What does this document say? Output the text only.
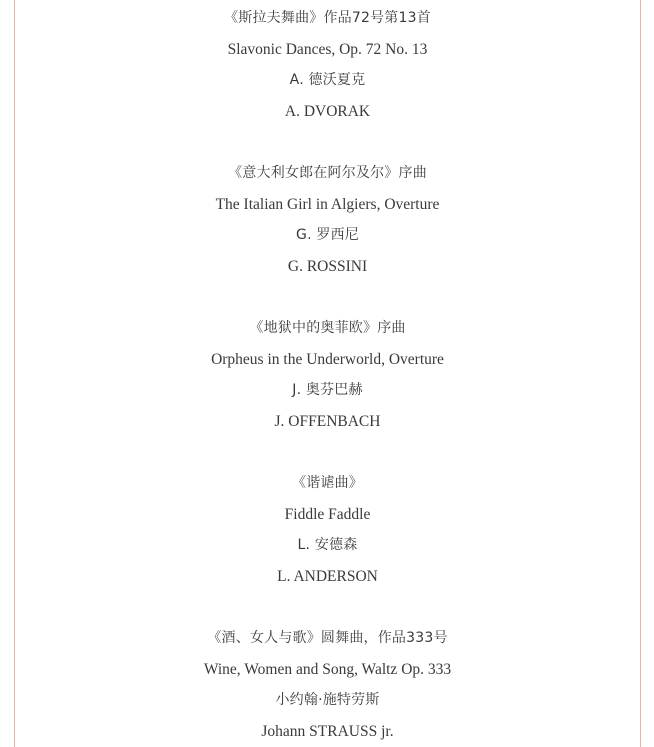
《斯拉夫舞曲》作品72号第13首
Slavonic Dances, Op. 72 No. 13
A. 德沃夏克
A. DVORAK
《意大利女郎在阿尔及尔》序曲
The Italian Girl in Algiers, Overture
G. 罗西尼
G. ROSSINI
《地狱中的奥菲欧》序曲
Orpheus in the Underworld, Overture
J. 奥芬巴赫
J. OFFENBACH
《谐谑曲》
Fiddle Faddle
L. 安德森
L. ANDERSON
《酒、女人与歌》圆舞曲，作品333号
Wine, Women and Song, Waltz Op. 333
小约翰·施特劳斯
Johann STRAUSS jr.
